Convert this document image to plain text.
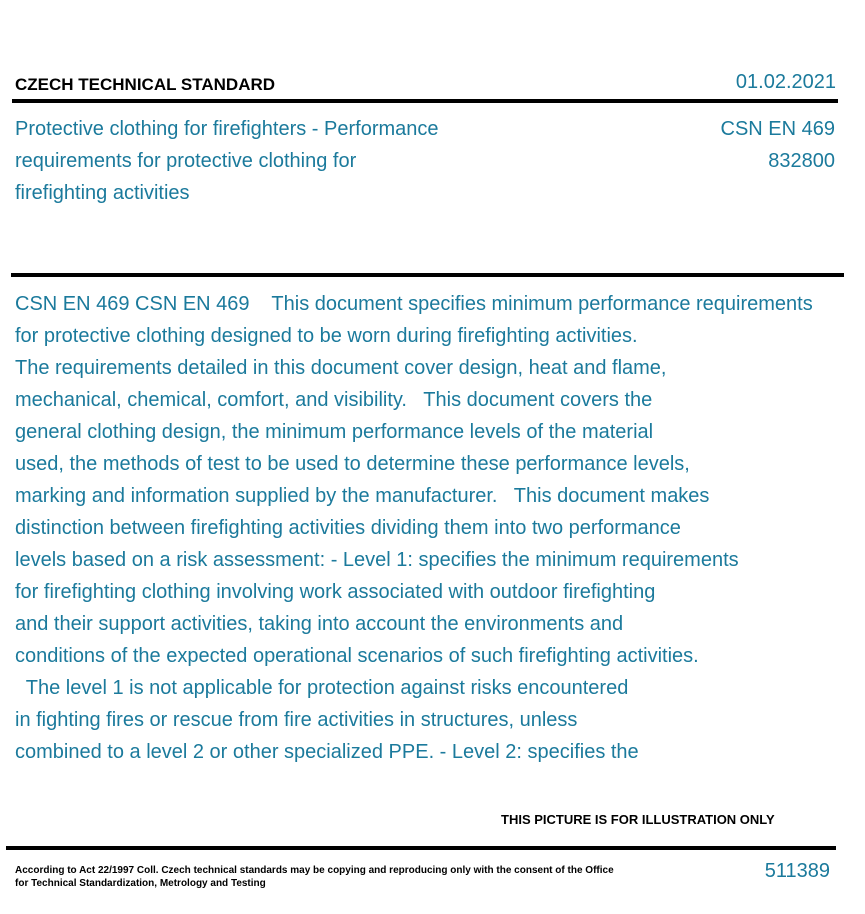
CZECH TECHNICAL STANDARD	01.02.2021
Protective clothing for firefighters - Performance
requirements for protective clothing for
firefighting activities
CSN EN 469
832800
CSN EN 469 CSN EN 469    This document specifies minimum performance requirements
for protective clothing designed to be worn during firefighting activities.
The requirements detailed in this document cover design, heat and flame,
mechanical, chemical, comfort, and visibility.   This document covers the
general clothing design, the minimum performance levels of the material
used, the methods of test to be used to determine these performance levels,
marking and information supplied by the manufacturer.   This document makes
distinction between firefighting activities dividing them into two performance
levels based on a risk assessment: - Level 1: specifies the minimum requirements
for firefighting clothing involving work associated with outdoor firefighting
and their support activities, taking into account the environments and
conditions of the expected operational scenarios of such firefighting activities.
The level 1 is not applicable for protection against risks encountered
in fighting fires or rescue from fire activities in structures, unless
combined to a level 2 or other specialized PPE. - Level 2: specifies the
THIS PICTURE IS FOR ILLUSTRATION ONLY
According to Act 22/1997 Coll. Czech technical standards may be copying and reproducing only with the consent of the Office
for Technical Standardization, Metrology and Testing
511389
